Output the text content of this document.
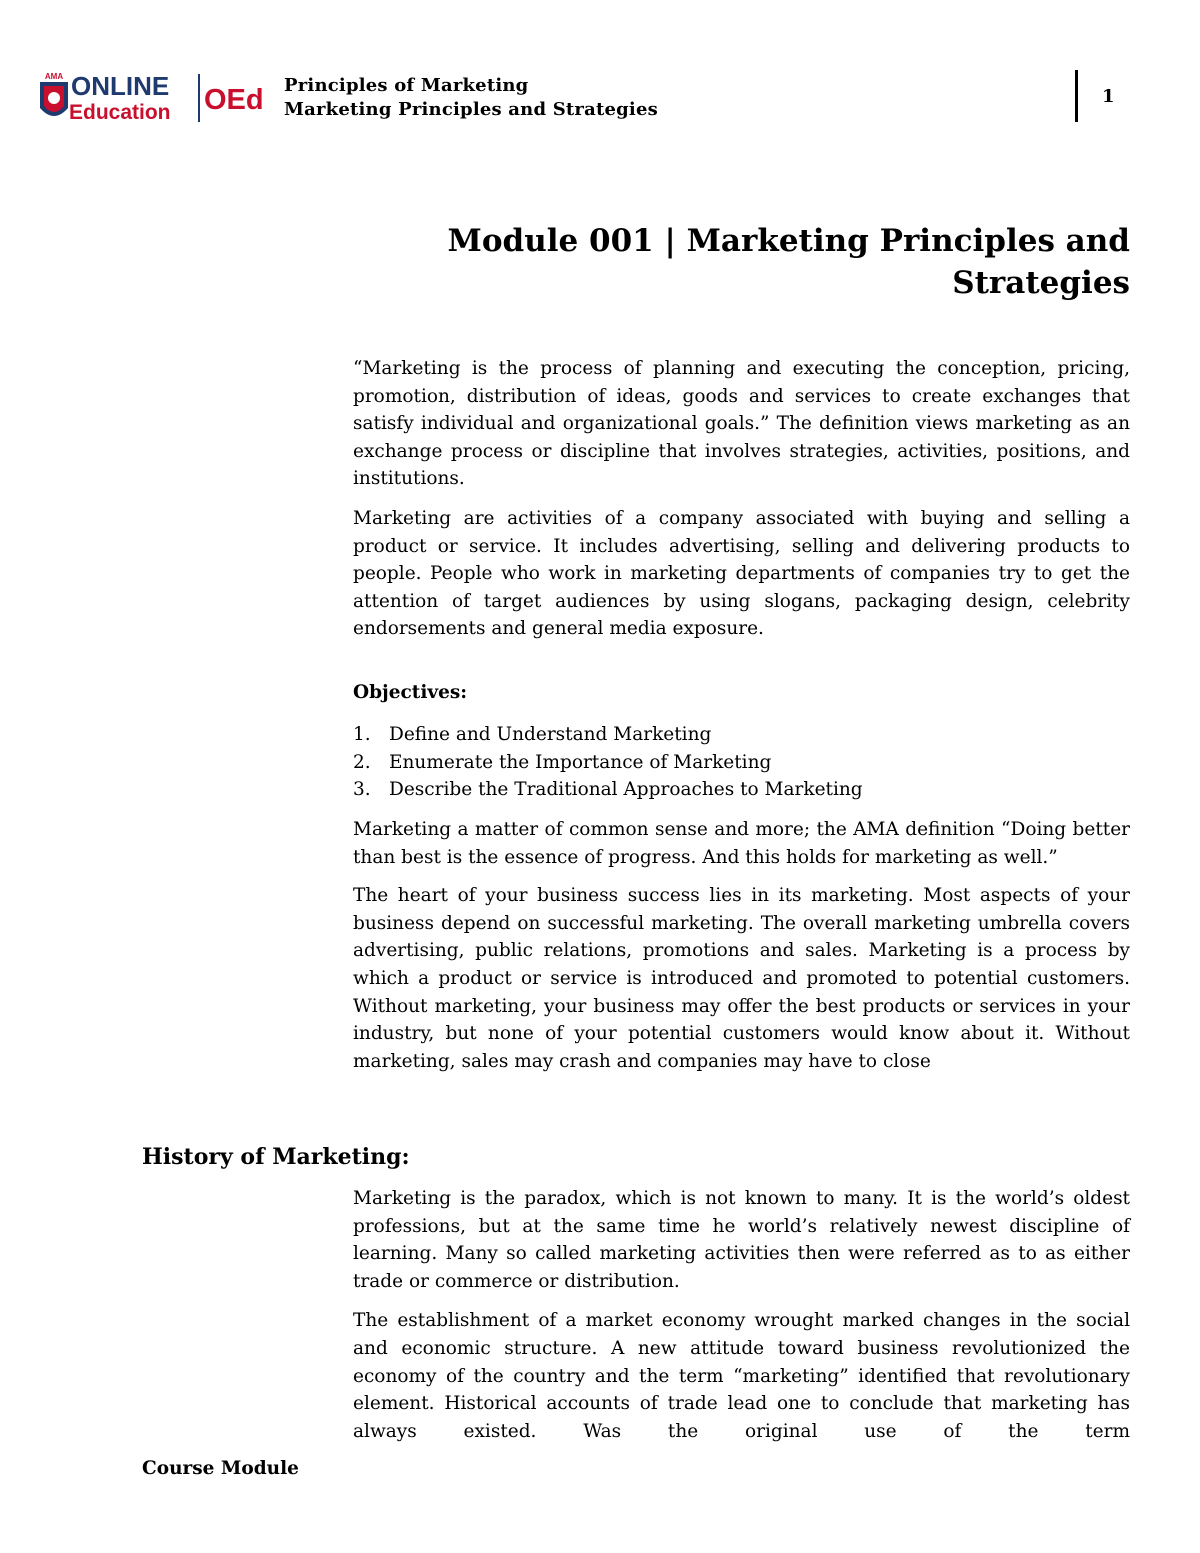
AMA ONLINE
Education OEd Principles of Marketing
Marketing Principles and Strategies
1
Module 001 | Marketing Principles and
Strategies

“Marketing is the process of planning and executing the conception, pricing, promotion, distribution of ideas, goods and services to create exchanges that satisfy individual and organizational goals.” The definition views marketing as an exchange process or discipline that involves strategies, activities, positions, and institutions.

Marketing are activities of a company associated with buying and selling a product or service. It includes advertising, selling and delivering products to people. People who work in marketing departments of companies try to get the attention of target audiences by using slogans, packaging design, celebrity endorsements and general media exposure.

Objectives:
1. Define and Understand Marketing
2. Enumerate the Importance of Marketing
3. Describe the Traditional Approaches to Marketing

Marketing a matter of common sense and more; the AMA definition “Doing better than best is the essence of progress. And this holds for marketing as well.”

The heart of your business success lies in its marketing. Most aspects of your business depend on successful marketing. The overall marketing umbrella covers advertising, public relations, promotions and sales. Marketing is a process by which a product or service is introduced and promoted to potential customers. Without marketing, your business may offer the best products or services in your industry, but none of your potential customers would know about it. Without marketing, sales may crash and companies may have to close

History of Marketing:

Marketing is the paradox, which is not known to many. It is the world’s oldest professions, but at the same time he world’s relatively newest discipline of learning. Many so called marketing activities then were referred as to as either trade or commerce or distribution.

The establishment of a market economy wrought marked changes in the social and economic structure. A new attitude toward business revolutionized the economy of the country and the term “marketing” identified that revolutionary element. Historical accounts of trade lead one to conclude that marketing has always existed. Was the original use of the term

Course Module
